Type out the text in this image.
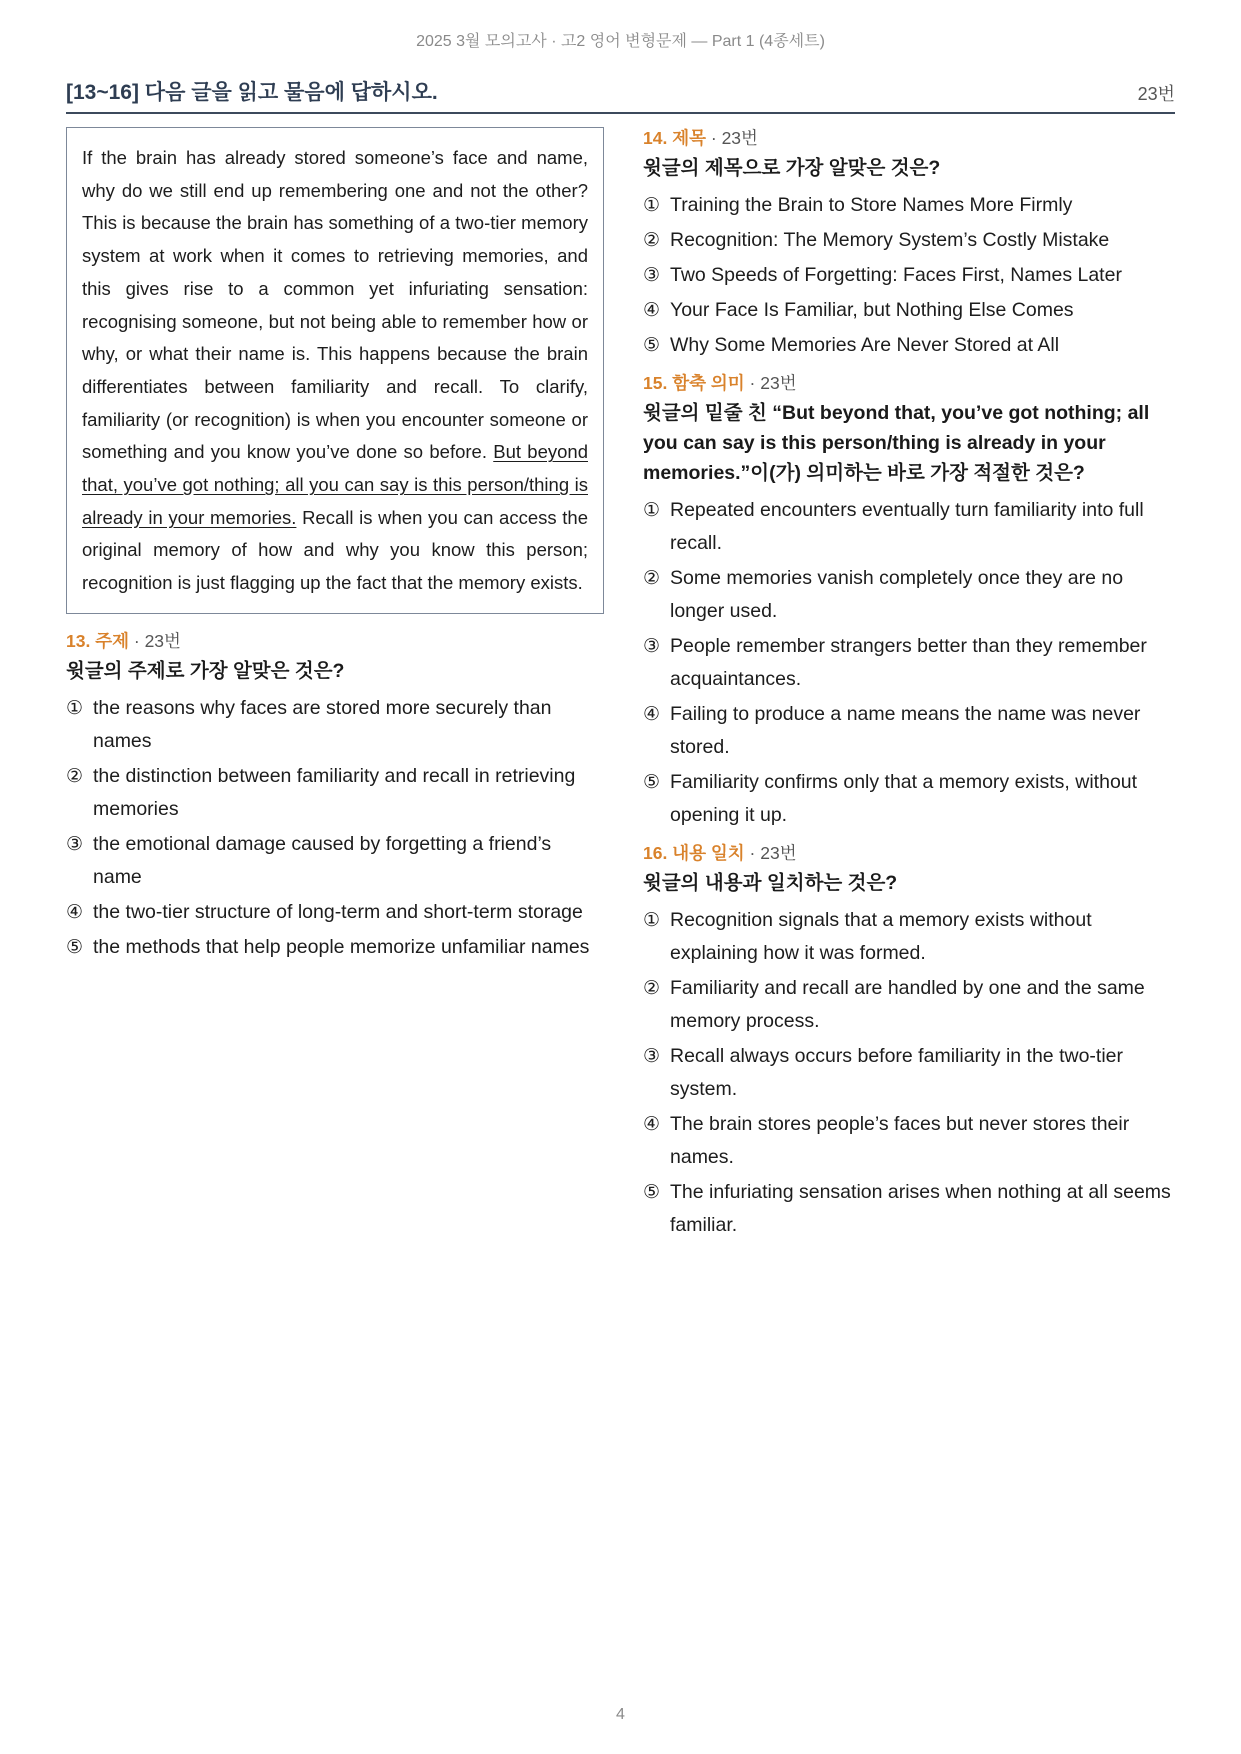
2025 3월 모의고사 · 고2 영어 변형문제 — Part 1 (4종세트)
[13~16] 다음 글을 읽고 물음에 답하시오.	23번
If the brain has already stored someone’s face and name, why do we still end up remembering one and not the other? This is because the brain has something of a two-tier memory system at work when it comes to retrieving memories, and this gives rise to a common yet infuriating sensation: recognising someone, but not being able to remember how or why, or what their name is. This happens because the brain differentiates between familiarity and recall. To clarify, familiarity (or recognition) is when you encounter someone or something and you know you’ve done so before. But beyond that, you’ve got nothing; all you can say is this person/thing is already in your memories. Recall is when you can access the original memory of how and why you know this person; recognition is just flagging up the fact that the memory exists.

13. 주제 · 23번

윗글의 주제로 가장 알맞은 것은?
① the reasons why faces are stored more securely than names
② the distinction between familiarity and recall in retrieving memories
③ the emotional damage caused by forgetting a friend’s name
④ the two-tier structure of long-term and short-term storage
⑤ the methods that help people memorize unfamiliar names

14. 제목 · 23번

윗글의 제목으로 가장 알맞은 것은?
① Training the Brain to Store Names More Firmly
② Recognition: The Memory System’s Costly Mistake
③ Two Speeds of Forgetting: Faces First, Names Later
④ Your Face Is Familiar, but Nothing Else Comes
⑤ Why Some Memories Are Never Stored at All

15. 함축 의미 · 23번

윗글의 밑줄 친 “But beyond that, you’ve got nothing; all you can say is this person/thing is already in your memories.”이(가) 의미하는 바로 가장 적절한 것은?
① Repeated encounters eventually turn familiarity into full recall.
② Some memories vanish completely once they are no longer used.
③ People remember strangers better than they remember acquaintances.
④ Failing to produce a name means the name was never stored.
⑤ Familiarity confirms only that a memory exists, without opening it up.

16. 내용 일치 · 23번

윗글의 내용과 일치하는 것은?
① Recognition signals that a memory exists without explaining how it was formed.
② Familiarity and recall are handled by one and the same memory process.
③ Recall always occurs before familiarity in the two-tier system.
④ The brain stores people’s faces but never stores their names.
⑤ The infuriating sensation arises when nothing at all seems familiar.
4
